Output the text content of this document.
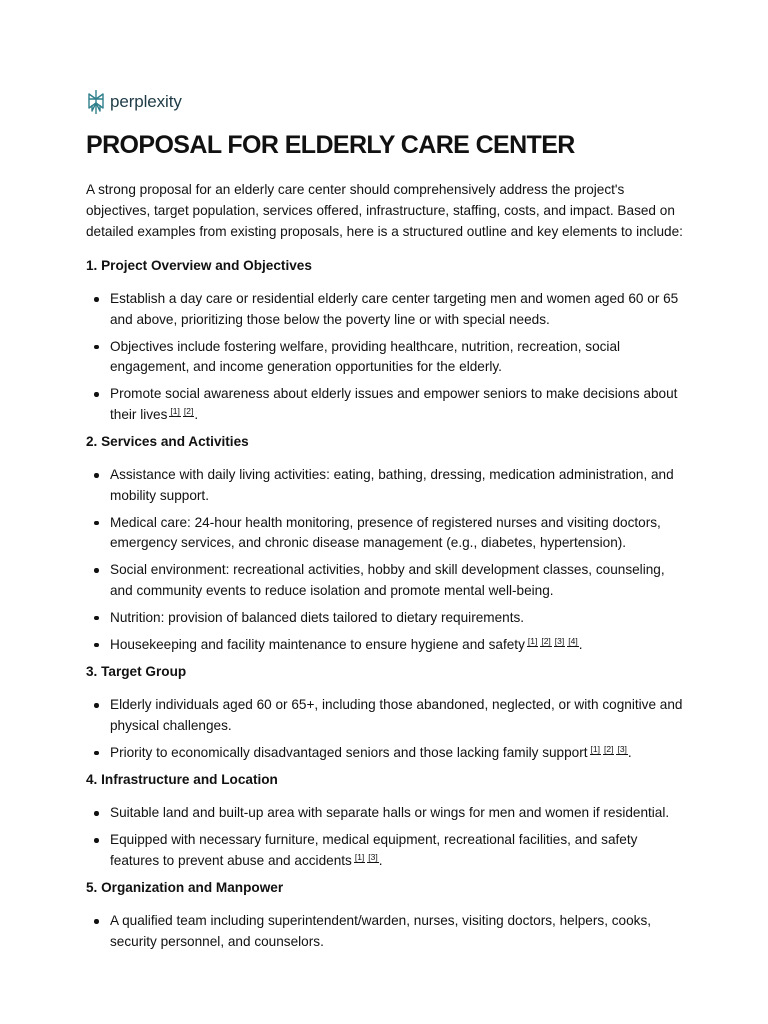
perplexity
PROPOSAL FOR ELDERLY CARE CENTER

A strong proposal for an elderly care center should comprehensively address the project's objectives, target population, services offered, infrastructure, staffing, costs, and impact. Based on detailed examples from existing proposals, here is a structured outline and key elements to include:

1. Project Overview and Objectives
Establish a day care or residential elderly care center targeting men and women aged 60 or 65 and above, prioritizing those below the poverty line or with special needs.
Objectives include fostering welfare, providing healthcare, nutrition, recreation, social engagement, and income generation opportunities for the elderly.
Promote social awareness about elderly issues and empower seniors to make decisions about their lives [1] [2].
2. Services and Activities
Assistance with daily living activities: eating, bathing, dressing, medication administration, and mobility support.
Medical care: 24-hour health monitoring, presence of registered nurses and visiting doctors, emergency services, and chronic disease management (e.g., diabetes, hypertension).
Social environment: recreational activities, hobby and skill development classes, counseling, and community events to reduce isolation and promote mental well-being.
Nutrition: provision of balanced diets tailored to dietary requirements.
Housekeeping and facility maintenance to ensure hygiene and safety [1] [2] [3] [4].
3. Target Group
Elderly individuals aged 60 or 65+, including those abandoned, neglected, or with cognitive and physical challenges.
Priority to economically disadvantaged seniors and those lacking family support [1] [2] [3].
4. Infrastructure and Location
Suitable land and built-up area with separate halls or wings for men and women if residential.
Equipped with necessary furniture, medical equipment, recreational facilities, and safety features to prevent abuse and accidents [1] [3].
5. Organization and Manpower
A qualified team including superintendent/warden, nurses, visiting doctors, helpers, cooks, security personnel, and counselors.
